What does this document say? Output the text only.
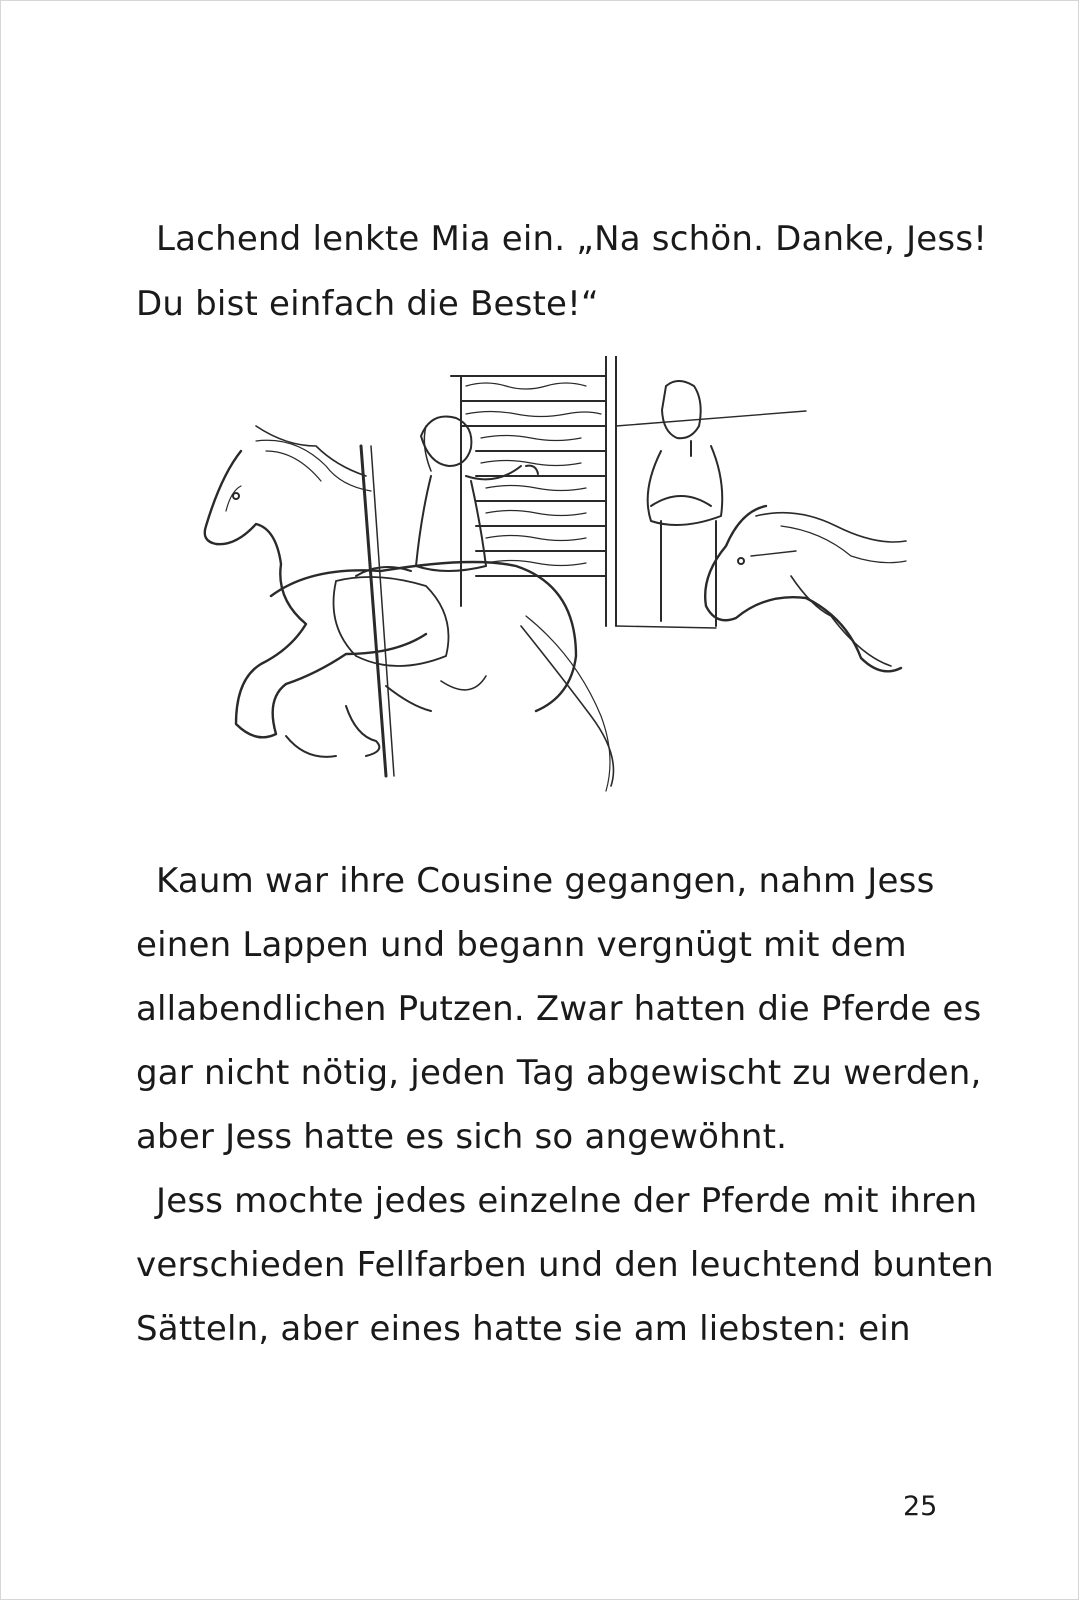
Lachend lenkte Mia ein. „Na schön. Danke, Jess!
Du bist einfach die Beste!“
Kaum war ihre Cousine gegangen, nahm Jess
einen Lappen und begann vergnügt mit dem
allabendlichen Putzen. Zwar hatten die Pferde es
gar nicht nötig, jeden Tag abgewischt zu werden,
aber Jess hatte es sich so angewöhnt.
Jess mochte jedes einzelne der Pferde mit ihren
verschieden Fellfarben und den leuchtend bunten
Sätteln, aber eines hatte sie am liebsten: ein
25
